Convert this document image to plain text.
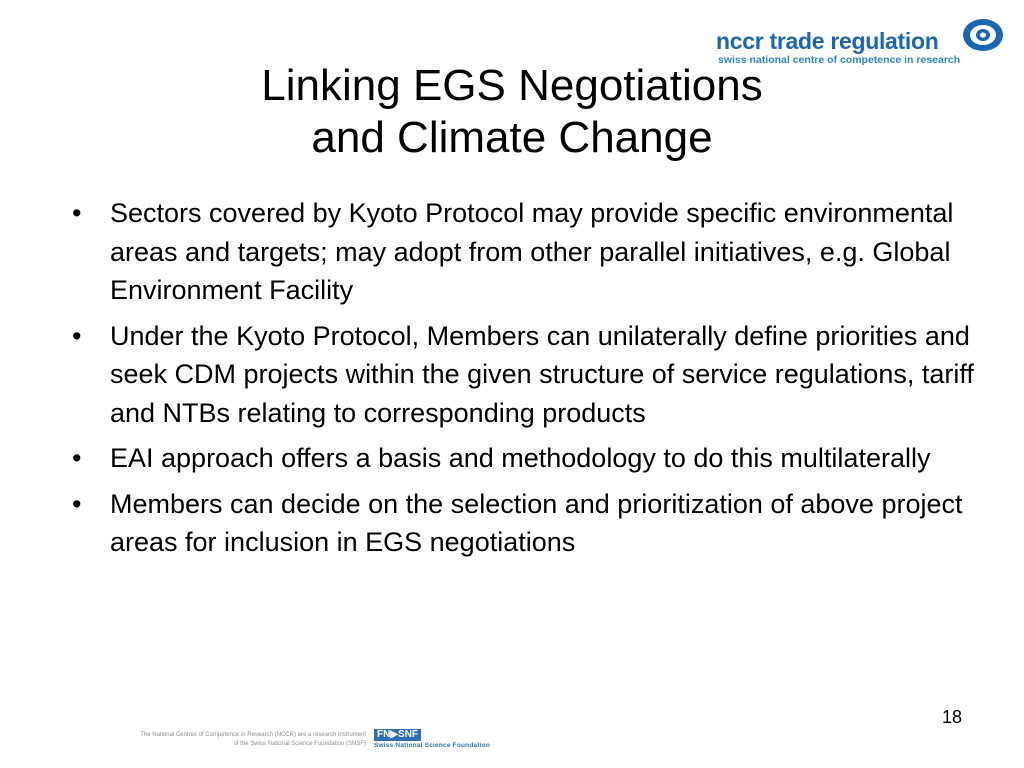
nccr trade regulation
swiss national centre of competence in research
Linking EGS Negotiations
and Climate Change
• Sectors covered by Kyoto Protocol may provide specific environmental areas and targets; may adopt from other parallel initiatives, e.g. Global Environment Facility
• Under the Kyoto Protocol, Members can unilaterally define priorities and seek CDM projects within the given structure of service regulations, tariff and NTBs relating to corresponding products
• EAI approach offers a basis and methodology to do this multilaterally
• Members can decide on the selection and prioritization of above project areas for inclusion in EGS negotiations
18
The National Centres of Competence in Research (NCCR) are a research instrument
of the Swiss National Science Foundation (SNSF)
FN▶SNF
Swiss National Science Foundation
